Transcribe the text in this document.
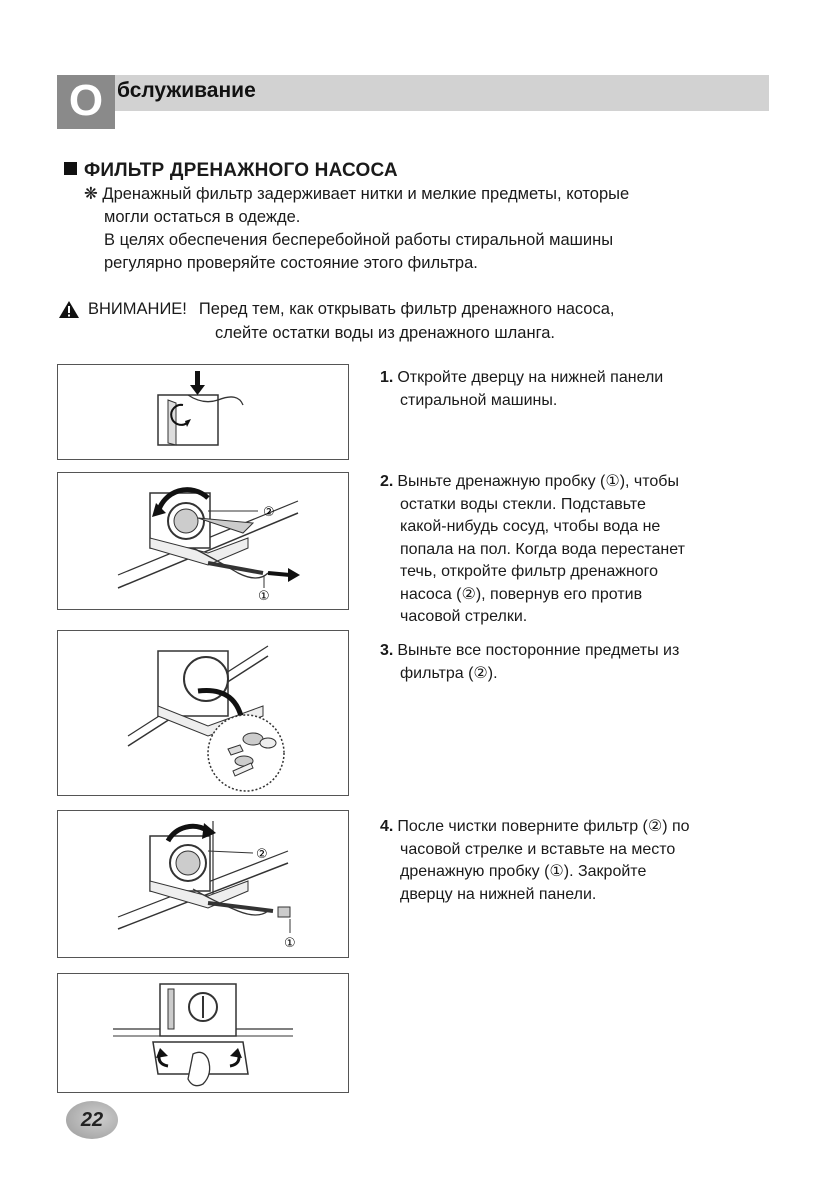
О бслуживание
ФИЛЬТР ДРЕНАЖНОГО НАСОСА
❋ Дренажный фильтр задерживает нитки и мелкие предметы, которые
могли остаться в одежде.
В целях обеспечения бесперебойной работы стиральной машины
регулярно проверяйте состояние этого фильтра.
ВНИМАНИЕ! Перед тем, как открывать фильтр дренажного насоса,
слейте остатки воды из дренажного шланга.
②
①
②
①
1. Откройте дверцу на нижней панели
стиральной машины.
2. Выньте дренажную пробку (①), чтобы
остатки воды стекли. Подставьте
какой-нибудь сосуд, чтобы вода не
попала на пол. Когда вода перестанет
течь, откройте фильтр дренажного
насоса (②), повернув его против
часовой стрелки.
3. Выньте все посторонние предметы из
фильтра (②).
4. После чистки поверните фильтр (②) по
часовой стрелке и вставьте на место
дренажную пробку (①). Закройте
дверцу на нижней панели.
22
